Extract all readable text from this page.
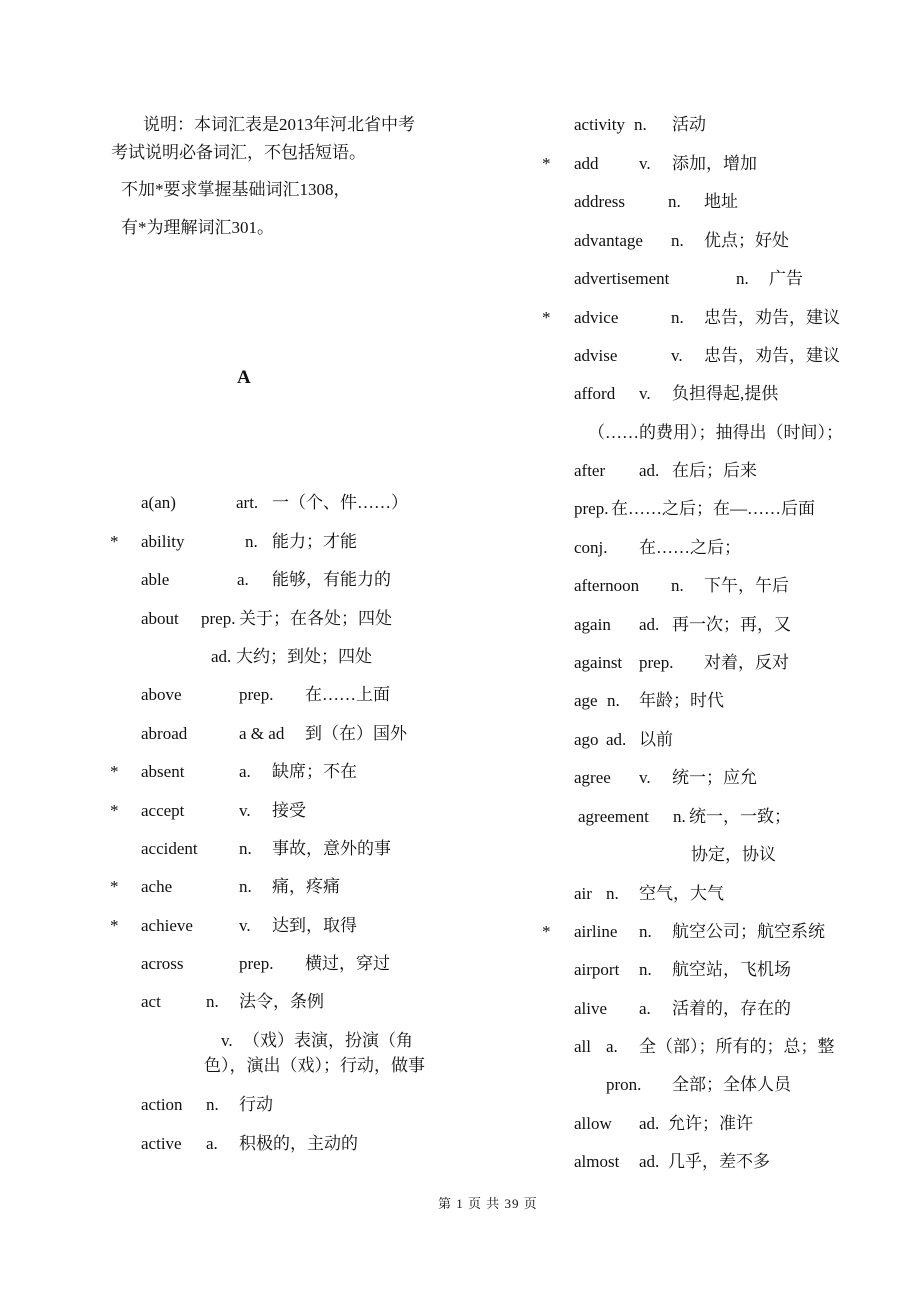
说明：本词汇表是2013年河北省中考
考试说明必备词汇，不包括短语。
不加*要求掌握基础词汇1308，
有*为理解词汇301。
A
a(an)	art. 一（个、件……）
* ability	n. 能力；才能
able	a. 能够，有能力的
about prep. 关于；在各处；四处
ad. 大约；到处；四处
above	prep. 在……上面
abroad	a & ad 到（在）国外
* absent	a. 缺席；不在
* accept	v. 接受
accident n. 事故，意外的事
* ache	n. 痛，疼痛
* achieve	v. 达到，取得
across	prep. 横过，穿过
act	n. 法令，条例
v. （戏）表演，扮演（角
色），演出（戏）；行动，做事
action n. 行动
active a. 积极的，主动的
activity n. 活动
* add v. 添加，增加
address	n. 地址
advantage n. 优点；好处
advertisement	n. 广告
* advice	n. 忠告，劝告，建议
advise	v. 忠告，劝告，建议
afford v. 负担得起,提供
（……的费用）；抽得出（时间）；
after ad. 在后；后来
prep. 在……之后；在—……后面
conj. 在……之后；
afternoon n. 下午，午后
again ad. 再一次；再，又
against prep. 对着，反对
age n. 年龄；时代
ago ad. 以前
agree v. 统一；应允
agreement n. 统一，一致；
协定，协议
air n. 空气，大气
* airline n. 航空公司；航空系统
airport n. 航空站，飞机场
alive a. 活着的，存在的
all a. 全（部）；所有的；总；整
pron. 全部；全体人员
allow ad. 允许；准许
almost ad. 几乎，差不多
第 1 页 共 39 页
